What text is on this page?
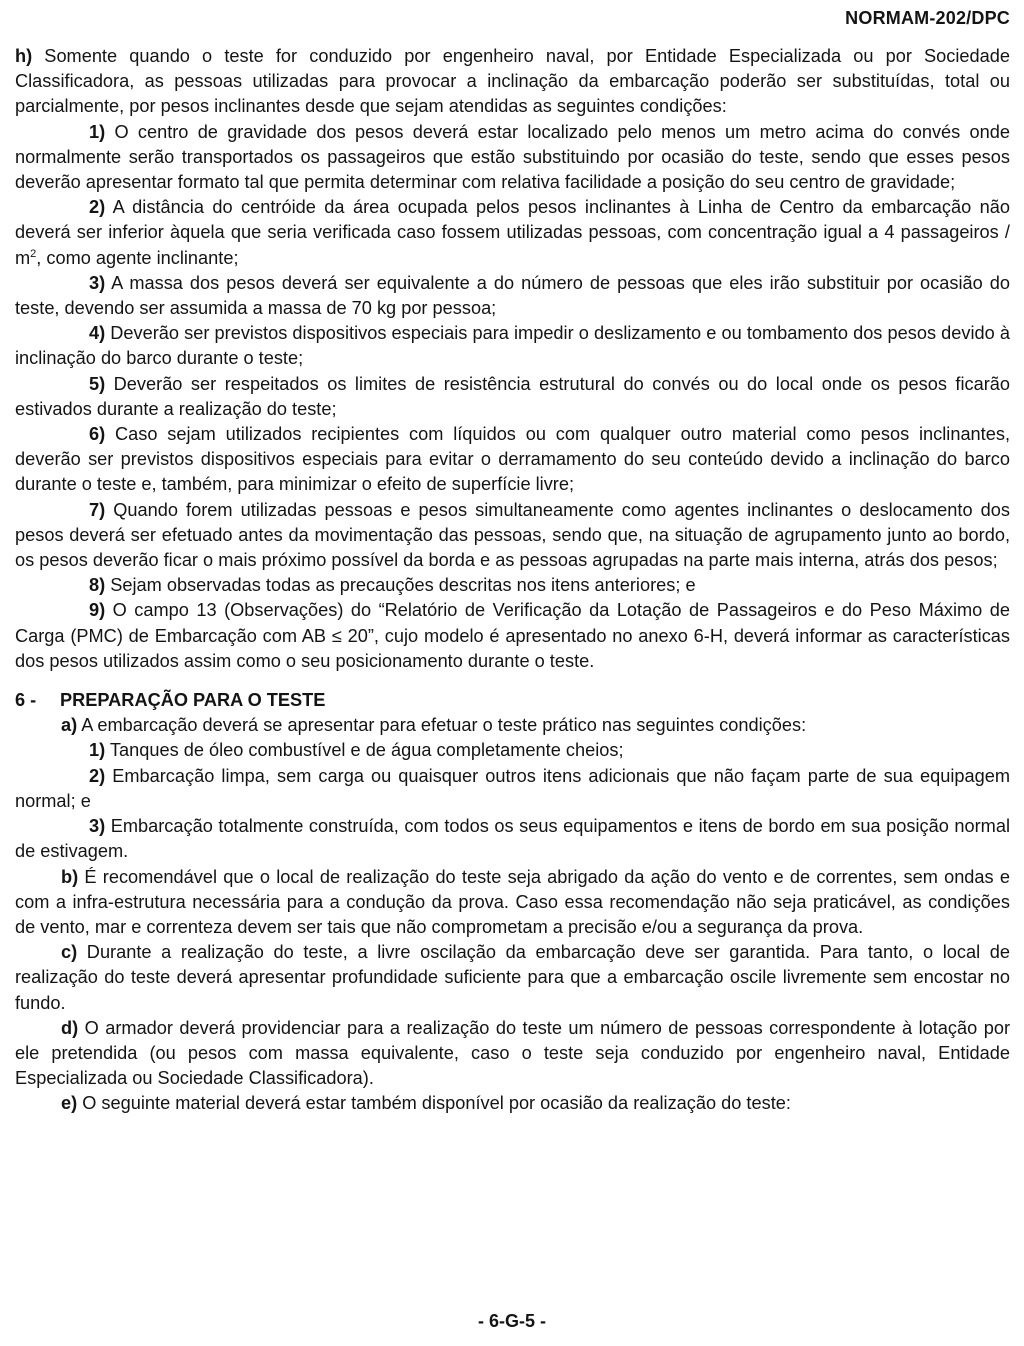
NORMAM-202/DPC

h) Somente quando o teste for conduzido por engenheiro naval, por Entidade Especializada ou por Sociedade Classificadora, as pessoas utilizadas para provocar a inclinação da embarcação poderão ser substituídas, total ou parcialmente, por pesos inclinantes desde que sejam atendidas as seguintes condições:

1) O centro de gravidade dos pesos deverá estar localizado pelo menos um metro acima do convés onde normalmente serão transportados os passageiros que estão substituindo por ocasião do teste, sendo que esses pesos deverão apresentar formato tal que permita determinar com relativa facilidade a posição do seu centro de gravidade;

2) A distância do centróide da área ocupada pelos pesos inclinantes à Linha de Centro da embarcação não deverá ser inferior àquela que seria verificada caso fossem utilizadas pessoas, com concentração igual a 4 passageiros / $m^2$, como agente inclinante;

3) A massa dos pesos deverá ser equivalente a do número de pessoas que eles irão substituir por ocasião do teste, devendo ser assumida a massa de 70 kg por pessoa;

4) Deverão ser previstos dispositivos especiais para impedir o deslizamento e ou tombamento dos pesos devido à inclinação do barco durante o teste;

5) Deverão ser respeitados os limites de resistência estrutural do convés ou do local onde os pesos ficarão estivados durante a realização do teste;

6) Caso sejam utilizados recipientes com líquidos ou com qualquer outro material como pesos inclinantes, deverão ser previstos dispositivos especiais para evitar o derramamento do seu conteúdo devido a inclinação do barco durante o teste e, também, para minimizar o efeito de superfície livre;

7) Quando forem utilizadas pessoas e pesos simultaneamente como agentes inclinantes o deslocamento dos pesos deverá ser efetuado antes da movimentação das pessoas, sendo que, na situação de agrupamento junto ao bordo, os pesos deverão ficar o mais próximo possível da borda e as pessoas agrupadas na parte mais interna, atrás dos pesos;

8) Sejam observadas todas as precauções descritas nos itens anteriores; e

9) O campo 13 (Observações) do “Relatório de Verificação da Lotação de Passageiros e do Peso Máximo de Carga (PMC) de Embarcação com AB ≤ 20”, cujo modelo é apresentado no anexo 6-H, deverá informar as características dos pesos utilizados assim como o seu posicionamento durante o teste.

6 - PREPARAÇÃO PARA O TESTE

a) A embarcação deverá se apresentar para efetuar o teste prático nas seguintes condições:

1) Tanques de óleo combustível e de água completamente cheios;

2) Embarcação limpa, sem carga ou quaisquer outros itens adicionais que não façam parte de sua equipagem normal; e

3) Embarcação totalmente construída, com todos os seus equipamentos e itens de bordo em sua posição normal de estivagem.

b) É recomendável que o local de realização do teste seja abrigado da ação do vento e de correntes, sem ondas e com a infra-estrutura necessária para a condução da prova. Caso essa recomendação não seja praticável, as condições de vento, mar e correnteza devem ser tais que não comprometam a precisão e/ou a segurança da prova.

c) Durante a realização do teste, a livre oscilação da embarcação deve ser garantida. Para tanto, o local de realização do teste deverá apresentar profundidade suficiente para que a embarcação oscile livremente sem encostar no fundo.

d) O armador deverá providenciar para a realização do teste um número de pessoas correspondente à lotação por ele pretendida (ou pesos com massa equivalente, caso o teste seja conduzido por engenheiro naval, Entidade Especializada ou Sociedade Classificadora).

e) O seguinte material deverá estar também disponível por ocasião da realização do teste:

- 6-G-5 -
